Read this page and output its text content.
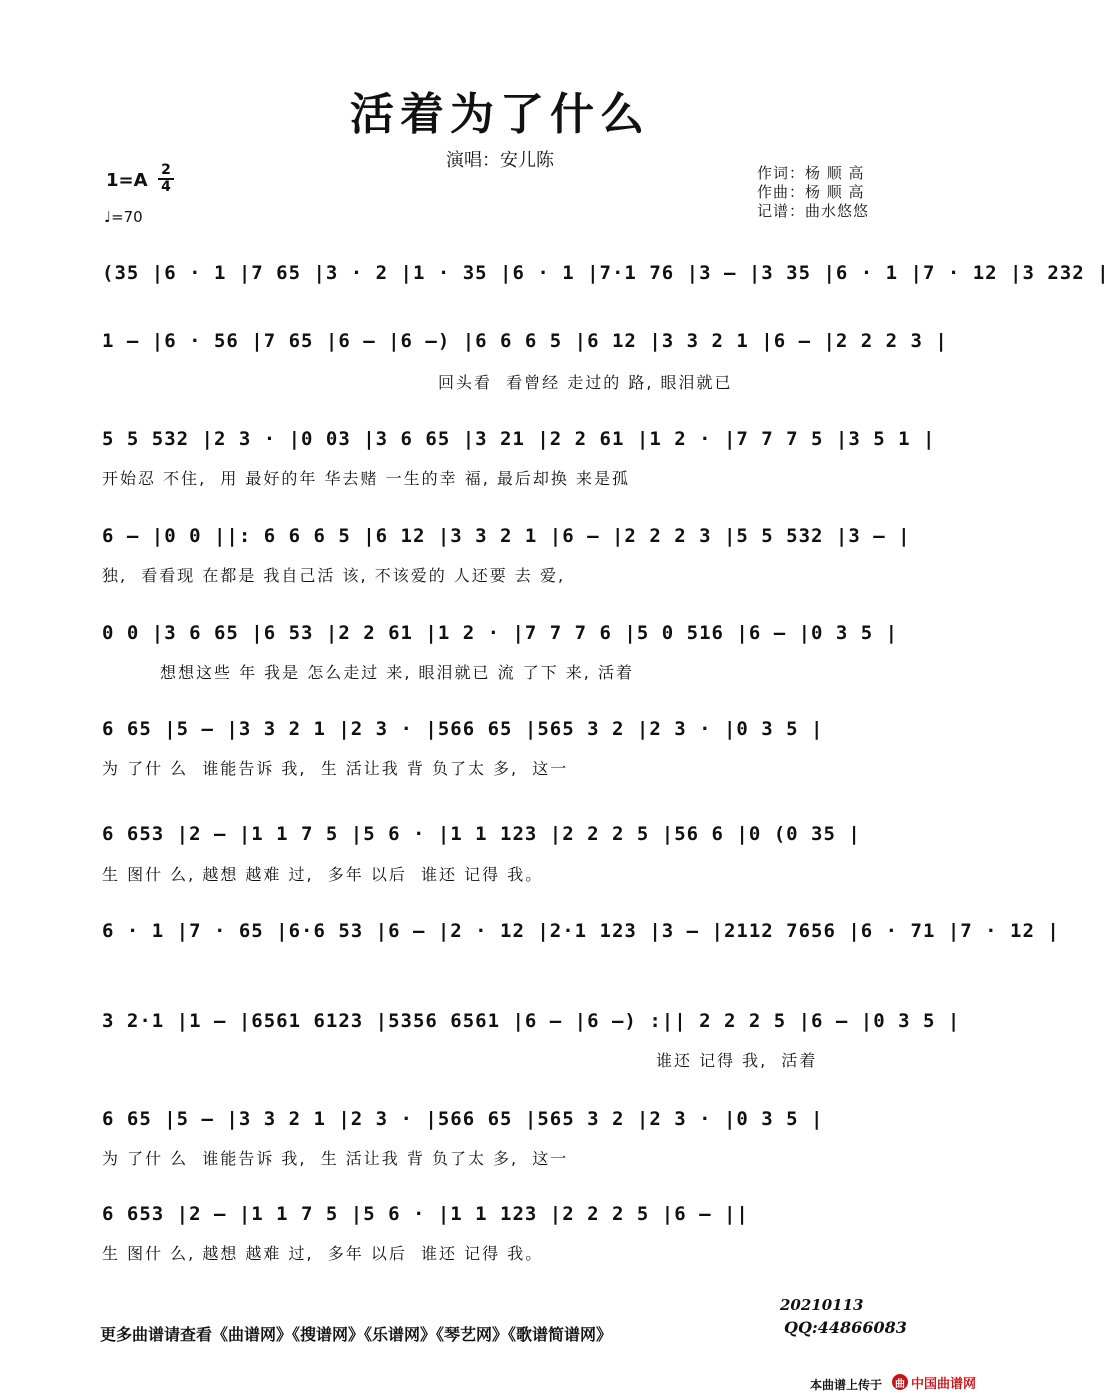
活着为了什么
演唱：安儿陈
1=A 2
4
♩=70
作词：杨 顺 高
作曲：杨 顺 高
记谱：曲水悠悠
(35 |6 · 1 |7 65 |3 · 2 |1 · 35 |6 · 1 |7·1 76 |3 – |3 35 |6 · 1 |7 · 12 |3 232 |
1 – |6 · 56 |7 65 |6 – |6 –) |6 6 6 5 |6 12 |3 3 2 1 |6 – |2 2 2 3 |
回头看  看曾经 走过的 路, 眼泪就已
5 5 532 |2 3 · |0 03 |3 6 65 |3 21 |2 2 61 |1 2 · |7 7 7 5 |3 5 1 |
开始忍 不住,  用 最好的年 华去赌 一生的幸 福, 最后却换 来是孤
6 – |0 0 ||: 6 6 6 5 |6 12 |3 3 2 1 |6 – |2 2 2 3 |5 5 532 |3 – |
独,  看看现 在都是 我自己活 该, 不该爱的 人还要 去 爱,
0 0 |3 6 65 |6 53 |2 2 61 |1 2 · |7 7 7 6 |5 0 516 |6 – |0 3 5 |
想想这些 年 我是 怎么走过 来, 眼泪就已 流 了下 来, 活着
6 65 |5 – |3 3 2 1 |2 3 · |566 65 |565 3 2 |2 3 · |0 3 5 |
为 了什 么  谁能告诉 我,  生 活让我 背 负了太 多,  这一
6 653 |2 – |1 1 7 5 |5 6 · |1 1 123 |2 2 2 5 |56 6 |0 (0 35 |
生 图什 么, 越想 越难 过,  多年 以后  谁还 记得 我。
6 · 1 |7 · 65 |6·6 53 |6 – |2 · 12 |2·1 123 |3 – |2112 7656 |6 · 71 |7 · 12 |
3 2·1 |1 – |6561 6123 |5356 6561 |6 – |6 –) :|| 2 2 2 5 |6 – |0 3 5 |
谁还 记得 我,  活着
6 65 |5 – |3 3 2 1 |2 3 · |566 65 |565 3 2 |2 3 · |0 3 5 |
为 了什 么  谁能告诉 我,  生 活让我 背 负了太 多,  这一
6 653 |2 – |1 1 7 5 |5 6 · |1 1 123 |2 2 2 5 |6 – ||
生 图什 么, 越想 越难 过,  多年 以后  谁还 记得 我。
20210113
QQ:44866083
更多曲谱请查看《曲谱网》《搜谱网》《乐谱网》《琴艺网》《歌谱简谱网》
本曲谱上传于	曲 中国曲谱网
